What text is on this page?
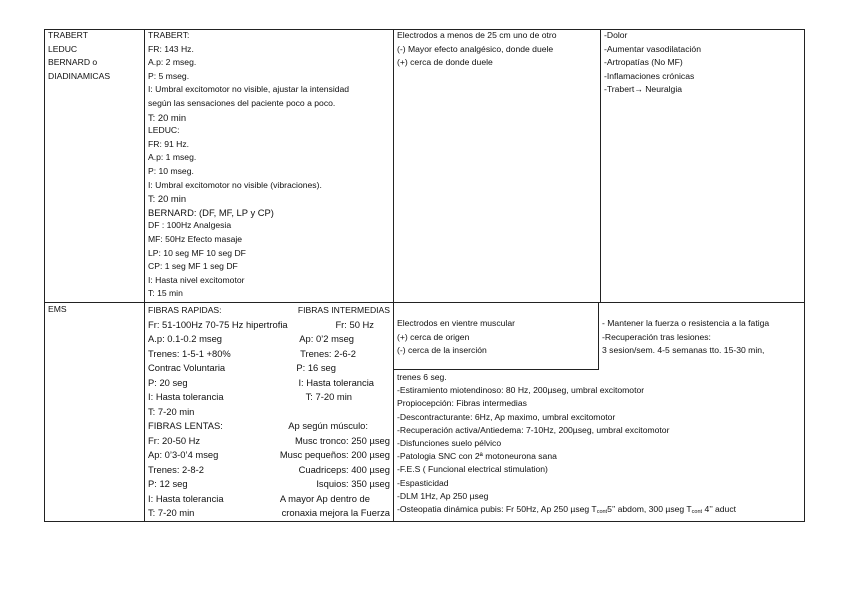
TRABERT
LEDUC
BERNARD o
DIADINAMICAS
TRABERT:
FR: 143 Hz.
A.p: 2 mseg.
P: 5 mseg.
I: Umbral excitomotor no visible, ajustar la intensidad
según las sensaciones del paciente poco a poco.
T: 20 min
LEDUC:
FR: 91 Hz.
A.p: 1 mseg.
P: 10 mseg.
I: Umbral excitomotor no visible (vibraciones).
T: 20 min
BERNARD: (DF, MF, LP y CP)
DF : 100Hz Analgesia
MF: 50Hz Efecto masaje
LP: 10 seg MF 10 seg DF
CP: 1 seg MF 1 seg DF
I: Hasta nivel excitomotor
T: 15 min
Electrodos a menos de 25 cm uno de otro
(-) Mayor efecto analgésico, donde duele
(+) cerca de donde duele
-Dolor
-Aumentar vasodilatación
-Artropatías (No MF)
-Inflamaciones crónicas
-Trabert→ Neuralgia
EMS	FIBRAS RAPIDAS:
Fr: 51-100Hz 70-75 Hz hipertrofia
A.p: 0.1-0.2 mseg
Trenes: 1-5-1 +80%
Contrac Voluntaria
P: 20 seg
I: Hasta tolerancia
T: 7-20 min
FIBRAS LENTAS:
Fr: 20-50 Hz
Ap: 0’3-0’4 mseg
Trenes: 2-8-2
P: 12 seg
I: Hasta tolerancia
T: 7-20 min
FIBRAS INTERMEDIAS
Fr: 50 Hz
Ap: 0’2 mseg
Trenes: 2-6-2
P: 16 seg
I: Hasta tolerancia
T: 7-20 min

Ap según músculo:
Musc tronco: 250 µseg
Musc pequeños: 200 µseg
Cuadriceps: 400 µseg
Isquios: 350 µseg
A mayor Ap dentro de
cronaxia mejora la Fuerza
Electrodos en vientre muscular
(+) cerca de origen
(-) cerca de la inserción
- Mantener la fuerza o resistencia a la fatiga
-Recuperación tras lesiones:
3 sesion/sem. 4-5 semanas tto. 15-30 min,
trenes 6 seg.
-Estiramiento miotendinoso: 80 Hz, 200µseg, umbral excitomotor
Propiocepción: Fibras intermedias
-Descontracturante: 6Hz, Ap maximo, umbral excitomotor
-Recuperación activa/Antiedema: 7-10Hz, 200µseg, umbral excitomotor
-Disfunciones suelo pélvico
-Patologia SNC con 2ª motoneurona sana
-F.E.S ( Funcional electrical stimulation)
-Espasticidad
-DLM 1Hz, Ap 250 µseg
-Osteopatia dinámica pubis: Fr 50Hz, Ap 250 µseg $T_{cont}5$’’ abdom, 300 µseg $T_{cont}$ 4’’ aduct
